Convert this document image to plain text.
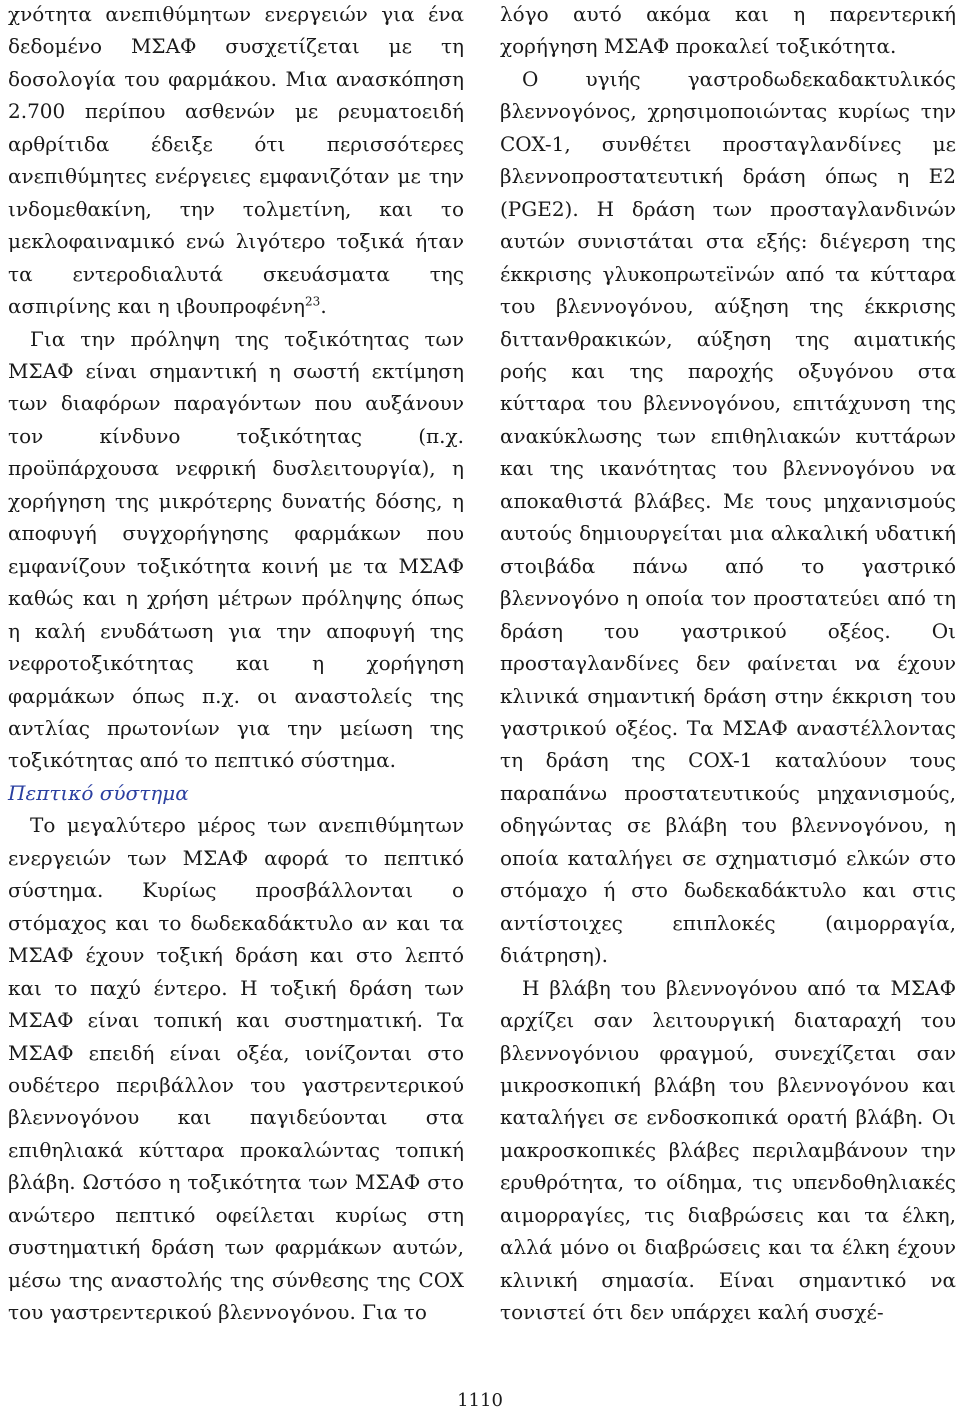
χνότητα ανεπιθύμητων ενεργειών για ένα δεδομένο ΜΣΑΦ συσχετίζεται με τη δοσολογία του φαρμάκου. Μια ανασκόπηση 2.700 περίπου ασθενών με ρευματοειδή αρθρίτιδα έδειξε ότι περισσότερες ανεπιθύμητες ενέργειες εμφανιζόταν με την ινδομεθακίνη, την τολμετίνη, και το μεκλοφαιναμικό ενώ λιγότερο τοξικά ήταν τα εντεροδιαλυτά σκευάσματα της ασπιρίνης και η ιβουπροφένη$^{23}$.

Για την πρόληψη της τοξικότητας των ΜΣΑΦ είναι σημαντική η σωστή εκτίμηση των διαφόρων παραγόντων που αυξάνουν τον κίνδυνο τοξικότητας (π.χ. προϋπάρχουσα νεφρική δυσλειτουργία), η χορήγηση της μικρότερης δυνατής δόσης, η αποφυγή συγχορήγησης φαρμάκων που εμφανίζουν τοξικότητα κοινή με τα ΜΣΑΦ καθώς και η χρήση μέτρων πρόληψης όπως η καλή ενυδάτωση για την αποφυγή της νεφροτοξικότητας και η χορήγηση φαρμάκων όπως π.χ. οι αναστολείς της αντλίας πρωτονίων για την μείωση της τοξικότητας από το πεπτικό σύστημα.

Πεπτικό σύστημα

Το μεγαλύτερο μέρος των ανεπιθύμητων ενεργειών των ΜΣΑΦ αφορά το πεπτικό σύστημα. Κυρίως προσβάλλονται ο στόμαχος και το δωδεκαδάκτυλο αν και τα ΜΣΑΦ έχουν τοξική δράση και στο λεπτό και το παχύ έντερο. Η τοξική δράση των ΜΣΑΦ είναι τοπική και συστηματική. Τα ΜΣΑΦ επειδή είναι οξέα, ιονίζονται στο ουδέτερο περιβάλλον του γαστρεντερικού βλεννογόνου και παγιδεύονται στα επιθηλιακά κύτταρα προκαλώντας τοπική βλάβη. Ωστόσο η τοξικότητα των ΜΣΑΦ στο ανώτερο πεπτικό οφείλεται κυρίως στη συστηματική δράση των φαρμάκων αυτών, μέσω της αναστολής της σύνθεσης της COX του γαστρεντερικού βλεννογόνου. Για το

λόγο αυτό ακόμα και η παρεντερική χορήγηση ΜΣΑΦ προκαλεί τοξικότητα.

Ο υγιής γαστροδωδεκαδακτυλικός βλεννογόνος, χρησιμοποιώντας κυρίως την COX-1, συνθέτει προσταγλανδίνες με βλεννοπροστατευτική δράση όπως η E2 (PGE2). Η δράση των προσταγλανδινών αυτών συνιστάται στα εξής: διέγερση της έκκρισης γλυκοπρωτεϊνών από τα κύτταρα του βλεννογόνου, αύξηση της έκκρισης διττανθρακικών, αύξηση της αιματικής ροής και της παροχής οξυγόνου στα κύτταρα του βλεννογόνου, επιτάχυνση της ανακύκλωσης των επιθηλιακών κυττάρων και της ικανότητας του βλεννογόνου να αποκαθιστά βλάβες. Με τους μηχανισμούς αυτούς δημιουργείται μια αλκαλική υδατική στοιβάδα πάνω από το γαστρικό βλεννογόνο η οποία τον προστατεύει από τη δράση του γαστρικού οξέος. Οι προσταγλανδίνες δεν φαίνεται να έχουν κλινικά σημαντική δράση στην έκκριση του γαστρικού οξέος. Τα ΜΣΑΦ αναστέλλοντας τη δράση της COX-1 καταλύουν τους παραπάνω προστατευτικούς μηχανισμούς, οδηγώντας σε βλάβη του βλεννογόνου, η οποία καταλήγει σε σχηματισμό ελκών στο στόμαχο ή στο δωδεκαδάκτυλο και στις αντίστοιχες επιπλοκές (αιμορραγία, διάτρηση).

Η βλάβη του βλεννογόνου από τα ΜΣΑΦ αρχίζει σαν λειτουργική διαταραχή του βλεννογόνιου φραγμού, συνεχίζεται σαν μικροσκοπική βλάβη του βλεννογόνου και καταλήγει σε ενδοσκοπικά ορατή βλάβη. Οι μακροσκοπικές βλάβες περιλαμβάνουν την ερυθρότητα, το οίδημα, τις υπενδοθηλιακές αιμορραγίες, τις διαβρώσεις και τα έλκη, αλλά μόνο οι διαβρώσεις και τα έλκη έχουν κλινική σημασία. Είναι σημαντικό να τονιστεί ότι δεν υπάρχει καλή συσχέ-

1110
